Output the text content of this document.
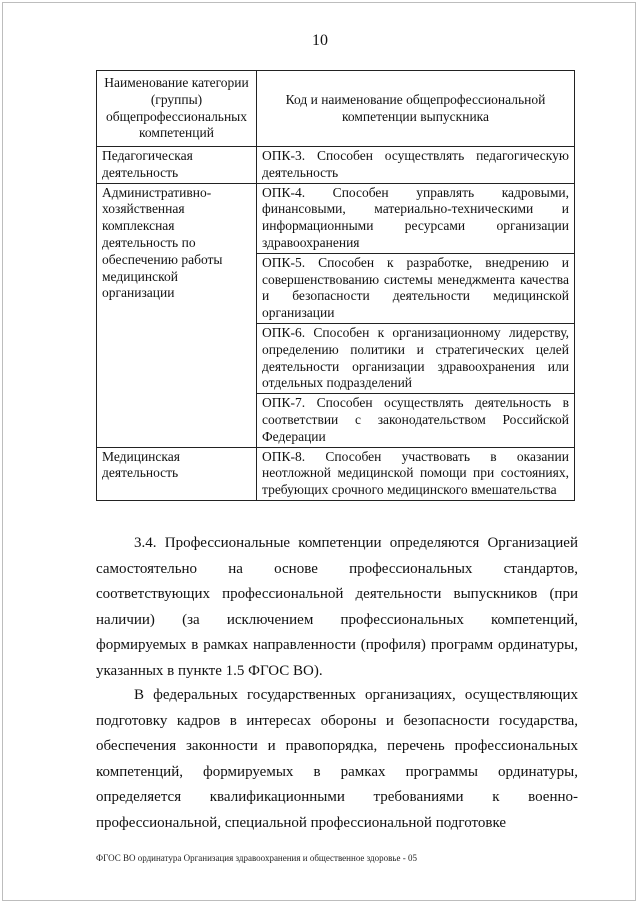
10
Наименование категории (группы) общепрофессиональных компетенций	Код и наименование общепрофессиональной компетенции выпускника
Педагогическая деятельность	ОПК-3. Способен осуществлять педагогическую деятельность

Административно-хозяйственная комплексная деятельность по обеспечению работы медицинской организации	ОПК-4. Способен управлять кадровыми, финансовыми, материально-техническими и информационными ресурсами организации здравоохранения

	ОПК-5. Способен к разработке, внедрению и совершенствованию системы менеджмента качества и безопасности деятельности медицинской организации

	ОПК-6. Способен к организационному лидерству, определению политики и стратегических целей деятельности организации здравоохранения или отдельных подразделений

	ОПК-7. Способен осуществлять деятельность в соответствии с законодательством Российской Федерации

Медицинская деятельность	ОПК-8. Способен участвовать в оказании неотложной медицинской помощи при состояниях, требующих срочного медицинского вмешательства

3.4. Профессиональные компетенции определяются Организацией самостоятельно на основе профессиональных стандартов, соответствующих профессиональной деятельности выпускников (при наличии) (за исключением профессиональных компетенций, формируемых в рамках направленности (профиля) программ ординатуры, указанных в пункте 1.5 ФГОС ВО).

В федеральных государственных организациях, осуществляющих подготовку кадров в интересах обороны и безопасности государства, обеспечения законности и правопорядка, перечень профессиональных компетенций, формируемых в рамках программы ординатуры, определяется квалификационными требованиями к военно-профессиональной, специальной профессиональной подготовке

ФГОС ВО ординатура Организация здравоохранения и общественное здоровье - 05
